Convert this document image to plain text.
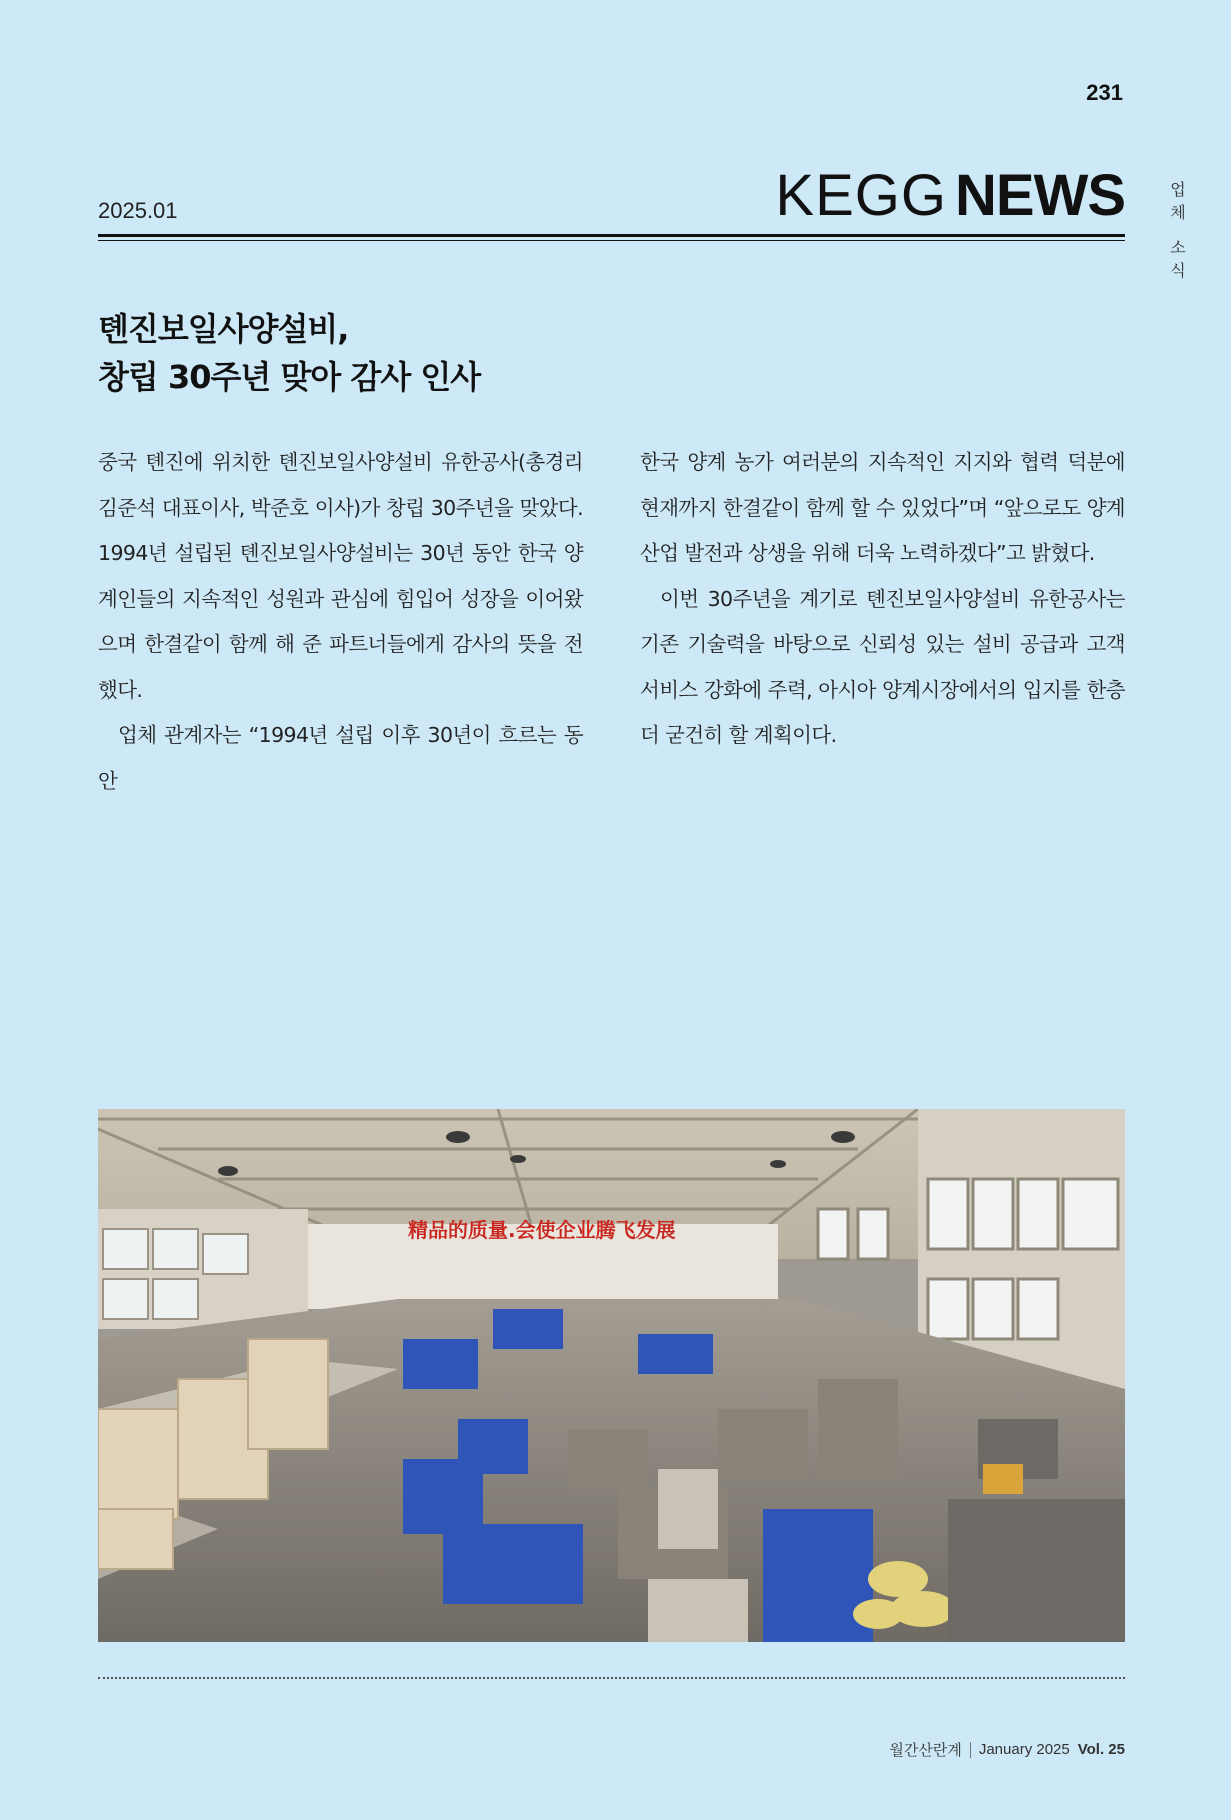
231
업
체
소
식
2025.01	KEGG NEWS
톈진보일사양설비,
창립 30주년 맞아 감사 인사

중국 톈진에 위치한 톈진보일사양설비 유한공사(총경리 김준석 대표이사, 박준호 이사)가 창립 30주년을 맞았다. 1994년 설립된 톈진보일사양설비는 30년 동안 한국 양계인들의 지속적인 성원과 관심에 힘입어 성장을 이어왔으며 한결같이 함께 해 준 파트너들에게 감사의 뜻을 전했다.

업체 관계자는 “1994년 설립 이후 30년이 흐르는 동안

한국 양계 농가 여러분의 지속적인 지지와 협력 덕분에 현재까지 한결같이 함께 할 수 있었다”며 “앞으로도 양계 산업 발전과 상생을 위해 더욱 노력하겠다”고 밝혔다.

이번 30주년을 계기로 톈진보일사양설비 유한공사는 기존 기술력을 바탕으로 신뢰성 있는 설비 공급과 고객 서비스 강화에 주력, 아시아 양계시장에서의 입지를 한층 더 굳건히 할 계획이다.

精品的质量.会使企业腾飞发展
월간산란계 January 2025 Vol. 25
